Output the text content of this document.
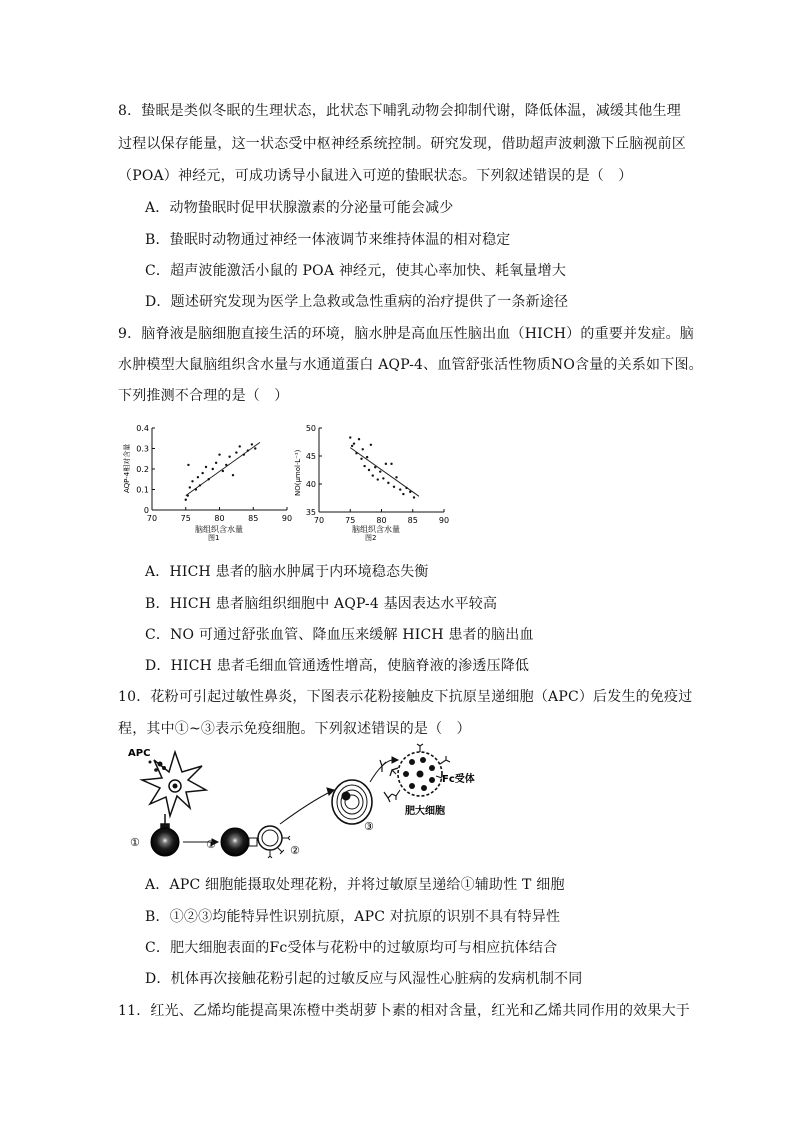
8．蛰眠是类似冬眠的生理状态，此状态下哺乳动物会抑制代谢，降低体温，减缓其他生理
过程以保存能量，这一状态受中枢神经系统控制。研究发现，借助超声波刺激下丘脑视前区
（POA）神经元，可成功诱导小鼠进入可逆的蛰眠状态。下列叙述错误的是（　）
A．动物蛰眠时促甲状腺激素的分泌量可能会减少
B．蛰眠时动物通过神经一体液调节来维持体温的相对稳定
C．超声波能激活小鼠的 POA 神经元，使其心率加快、耗氧量增大
D．题述研究发现为医学上急救或急性重病的治疗提供了一条新途径
9．脑脊液是脑细胞直接生活的环境，脑水肿是高血压性脑出血（HICH）的重要并发症。脑
水肿模型大鼠脑组织含水量与水通道蛋白 AQP-4、血管舒张活性物质NO含量的关系如下图。
下列推测不合理的是（　）
70	75	80	85	90
0
0.1
0.2
0.3
0.4
AQP-4相对含量
脑组织含水量
图1
70	75	80	85	90
35
40
45
50
NO(μmol·L⁻¹)
脑组织含水量
图2
A．HICH 患者的脑水肿属于内环境稳态失衡
B．HICH 患者脑组织细胞中 AQP-4 基因表达水平较高
C．NO 可通过舒张血管、降血压来缓解 HICH 患者的脑出血
D．HICH 患者毛细血管通透性增高，使脑脊液的渗透压降低
10．花粉可引起过敏性鼻炎，下图表示花粉接触皮下抗原呈递细胞（APC）后发生的免疫过
程，其中①~③表示免疫细胞。下列叙述错误的是（　）
APC
①	①	②
③
Fc受体
肥大细胞
A．APC 细胞能摄取处理花粉，并将过敏原呈递给①辅助性 T 细胞
B．①②③均能特异性识别抗原，APC 对抗原的识别不具有特异性
C．肥大细胞表面的Fc受体与花粉中的过敏原均可与相应抗体结合
D．机体再次接触花粉引起的过敏反应与风湿性心脏病的发病机制不同
11．红光、乙烯均能提高果冻橙中类胡萝卜素的相对含量，红光和乙烯共同作用的效果大于
